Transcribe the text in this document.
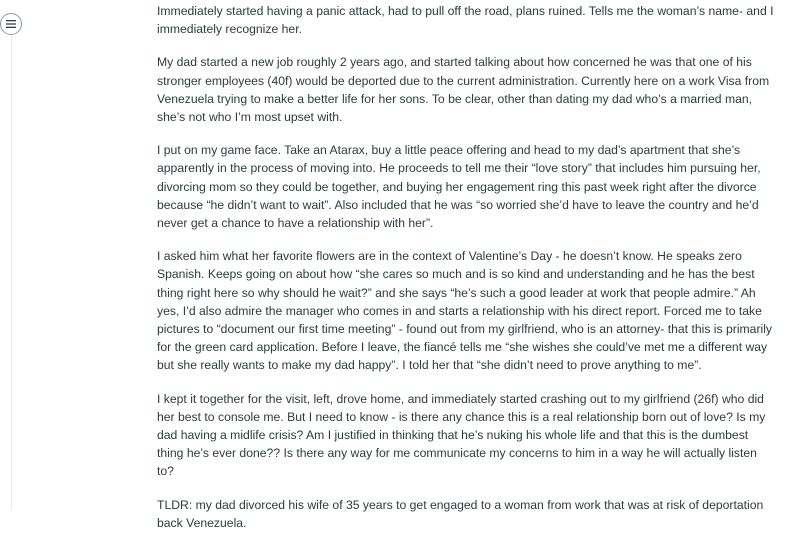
Immediately started having a panic attack, had to pull off the road, plans ruined. Tells me the woman’s name- and I immediately recognize her.

My dad started a new job roughly 2 years ago, and started talking about how concerned he was that one of his stronger employees (40f) would be deported due to the current administration. Currently here on a work Visa from Venezuela trying to make a better life for her sons. To be clear, other than dating my dad who’s a married man, she’s not who I’m most upset with.

I put on my game face. Take an Atarax, buy a little peace offering and head to my dad’s apartment that she’s apparently in the process of moving into. He proceeds to tell me their “love story” that includes him pursuing her, divorcing mom so they could be together, and buying her engagement ring this past week right after the divorce because “he didn’t want to wait”. Also included that he was “so worried she’d have to leave the country and he’d never get a chance to have a relationship with her”.

I asked him what her favorite flowers are in the context of Valentine’s Day - he doesn’t know. He speaks zero Spanish. Keeps going on about how “she cares so much and is so kind and understanding and he has the best thing right here so why should he wait?” and she says “he’s such a good leader at work that people admire.” Ah yes, I’d also admire the manager who comes in and starts a relationship with his direct report. Forced me to take pictures to “document our first time meeting” - found out from my girlfriend, who is an attorney- that this is primarily for the green card application. Before I leave, the fiancé tells me “she wishes she could’ve met me a different way but she really wants to make my dad happy”. I told her that “she didn’t need to prove anything to me”.

I kept it together for the visit, left, drove home, and immediately started crashing out to my girlfriend (26f) who did her best to console me. But I need to know - is there any chance this is a real relationship born out of love? Is my dad having a midlife crisis? Am I justified in thinking that he’s nuking his whole life and that this is the dumbest thing he’s ever done?? Is there any way for me communicate my concerns to him in a way he will actually listen to?

TLDR: my dad divorced his wife of 35 years to get engaged to a woman from work that was at risk of deportation back Venezuela.
